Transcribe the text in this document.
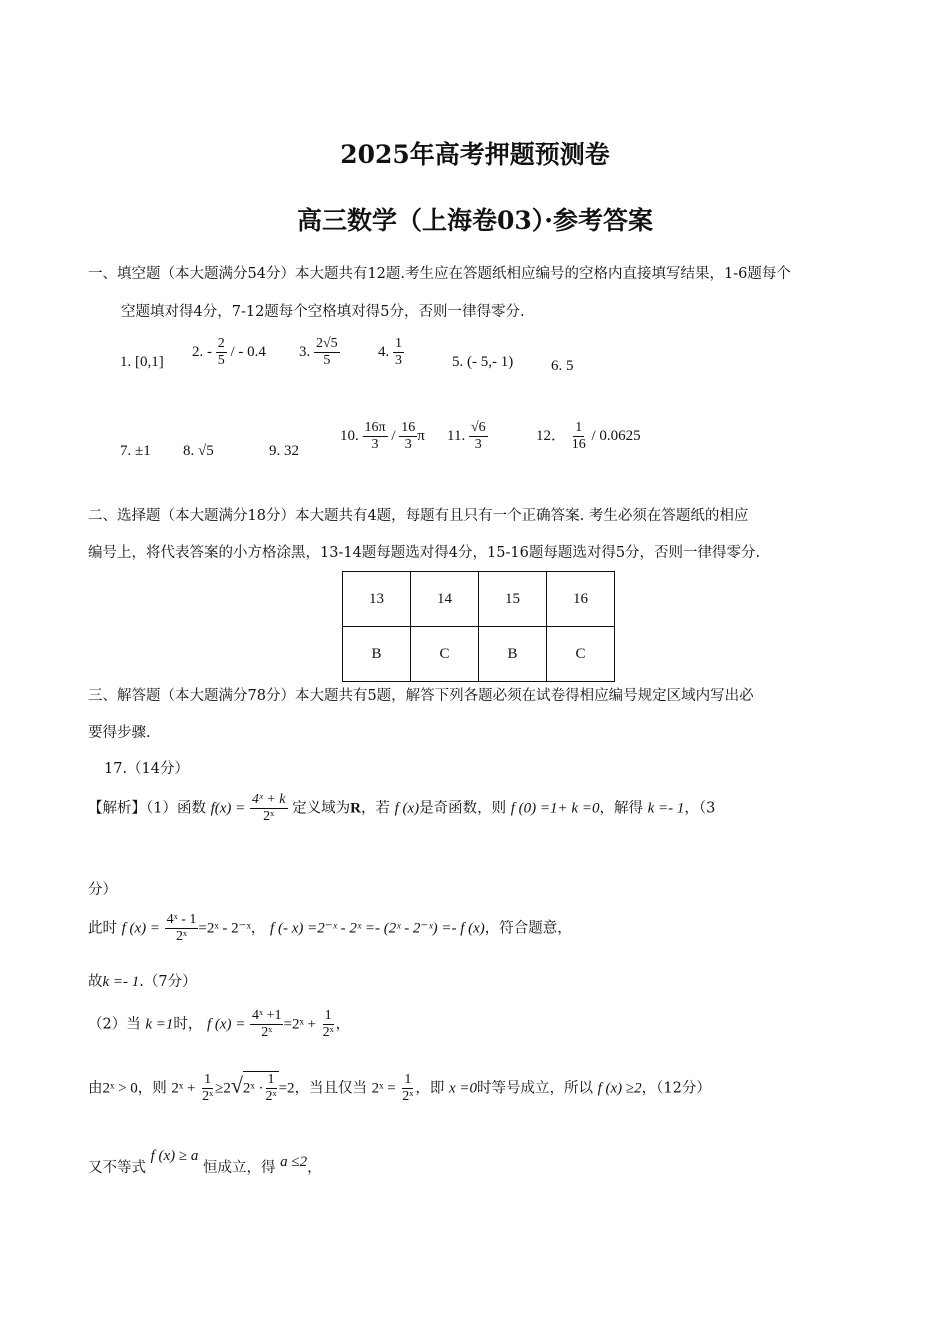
2025年高考押题预测卷
高三数学（上海卷03）·参考答案
一、填空题（本大题满分54分）本大题共有12题.考生应在答题纸相应编号的空格内直接填写结果，1-6题每个
空题填对得4分，7-12题每个空格填对得5分，否则一律得零分.
1. [0,1]
2. - $\frac{2}{5}$ / - 0.4 3. $\frac{2√5}{5}$	4. $\frac{1}{3}$	5. (- 5,- 1)	6. 5
7. ±1 8. √5	9. 32
10. $\frac{16\pi}{3} / \frac{16}{3}$ π 11. $\frac{√6}{3}$	12． $\frac{1}{16} / 0.0625$
二、选择题（本大题满分18分）本大题共有4题，每题有且只有一个正确答案. 考生必须在答题纸的相应
编号上，将代表答案的小方格涂黑，13-14题每题选对得4分，15-16题每题选对得5分，否则一律得零分.
13	14	15	16
B	C	B	C
三、解答题（本大题满分78分）本大题共有5题，解答下列各题必须在试卷得相应编号规定区域内写出必
要得步骤.
17.（14分）
【解析】（1）函数 $f(x) = \frac{\text{4ˣ + k}}{\text{2ˣ}}$ 定义域为R，若 f (x)是奇函数，则 f (0) =1+ k =0，解得 k =- 1，（3
分）
此时 f $(x) = \frac{\text{4ˣ - 1}}{\text{2ˣ}}$ =2ˣ - 2⁻ˣ， f (- x) =2⁻ˣ - 2ˣ =- (2ˣ - 2⁻ˣ) =- f (x)，符合题意，
故k =- 1.（7分）
（2）当 k =1时， f $(x) = \frac{\text{4ˣ +1}}{\text{2ˣ}}$ =2ˣ + $\frac{1}{\text{2ˣ}}$ ，
由2ˣ > 0，则 2ˣ + $\frac{1}{\text{2ˣ}}$ ≥2√2ˣ · $\frac{1}{\text{2ˣ}} =2$，当且仅当 2ˣ = $\frac{1}{\text{2ˣ}}$ ，即 x =0时等号成立，所以 f (x) ≥2，（12分）
又不等式 f (x) ≥ a 恒成立，得 a ≤2，
